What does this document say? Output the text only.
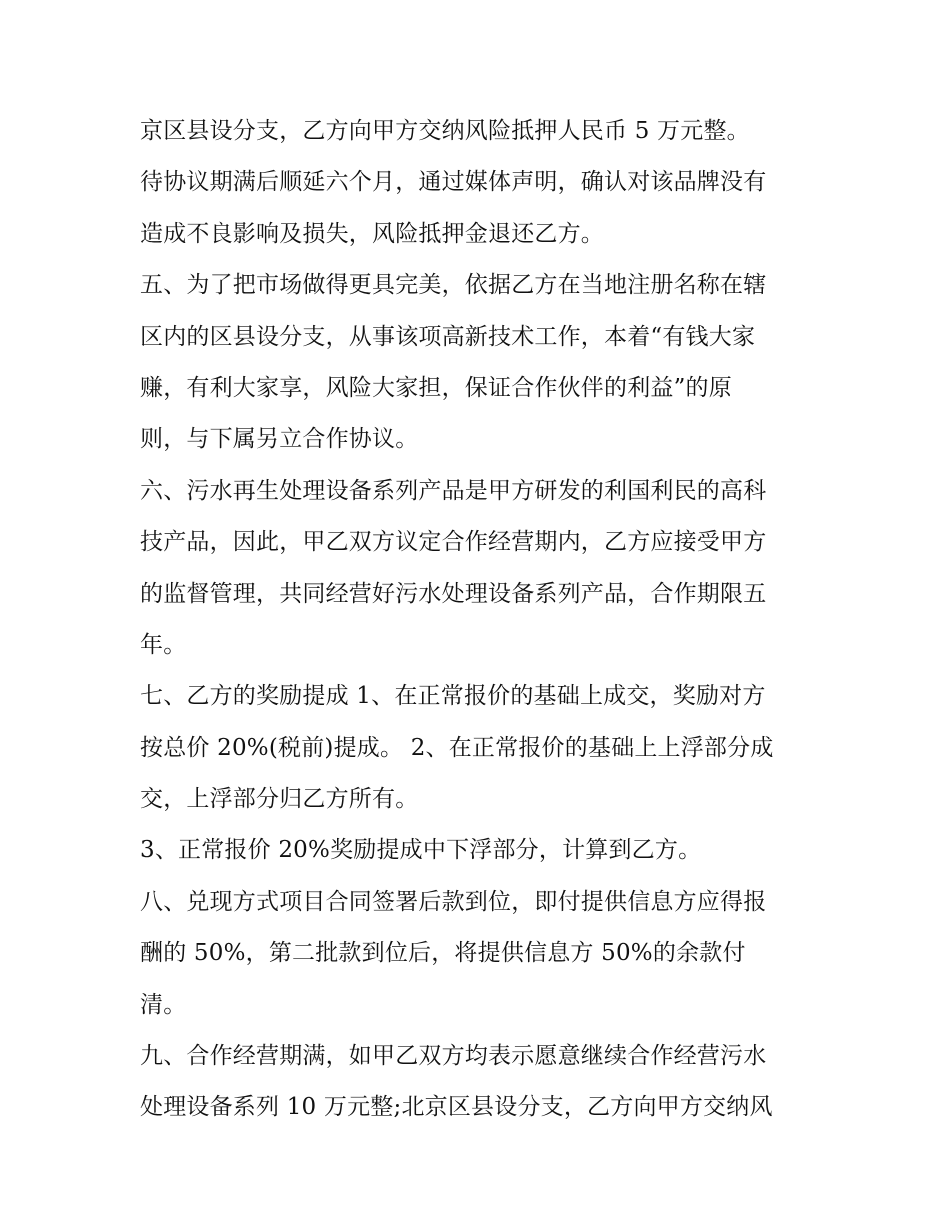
京区县设分支，乙方向甲方交纳风险抵押人民币 5 万元整。
待协议期满后顺延六个月，通过媒体声明，确认对该品牌没有
造成不良影响及损失，风险抵押金退还乙方。
五、为了把市场做得更具完美，依据乙方在当地注册名称在辖
区内的区县设分支，从事该项高新技术工作，本着“有钱大家
赚，有利大家享，风险大家担，保证合作伙伴的利益”的原
则，与下属另立合作协议。
六、污水再生处理设备系列产品是甲方研发的利国利民的高科
技产品，因此，甲乙双方议定合作经营期内，乙方应接受甲方
的监督管理，共同经营好污水处理设备系列产品，合作期限五
年。
七、乙方的奖励提成 1、在正常报价的基础上成交，奖励对方
按总价 20%(税前)提成。 2、在正常报价的基础上上浮部分成
交，上浮部分归乙方所有。
3、正常报价 20%奖励提成中下浮部分，计算到乙方。
八、兑现方式项目合同签署后款到位，即付提供信息方应得报
酬的 50%，第二批款到位后，将提供信息方 50%的余款付
清。
九、合作经营期满，如甲乙双方均表示愿意继续合作经营污水
处理设备系列 10 万元整;北京区县设分支，乙方向甲方交纳风
